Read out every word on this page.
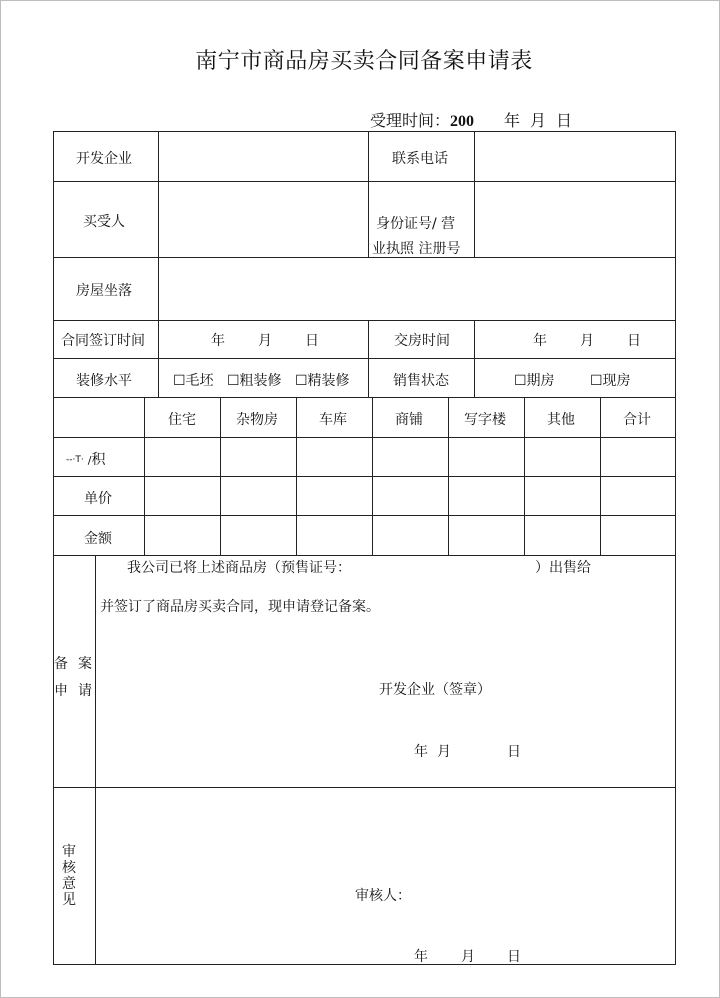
南宁市商品房买卖合同备案申请表
受理时间：200 年 月 日
开发企业	联系电话
买受人	身份证号/ 营
业执照 注册号
房屋坐落
合同签订时间	年 月 日	交房时间	年 月 日
装修水平	☐毛坯 ☐粗装修 ☐精装修	销售状态	☐期房	☐现房
住宅	杂物房	车库	商铺	写字楼	其他	合计
--·T· /积
单价
金额
备 案
申 请
我公司已将上述商品房（预售证号：	）出售给
并签订了商品房买卖合同，现申请登记备案。
开发企业（签章）
年 月	日
审核意见	审核人：
年 月 日
